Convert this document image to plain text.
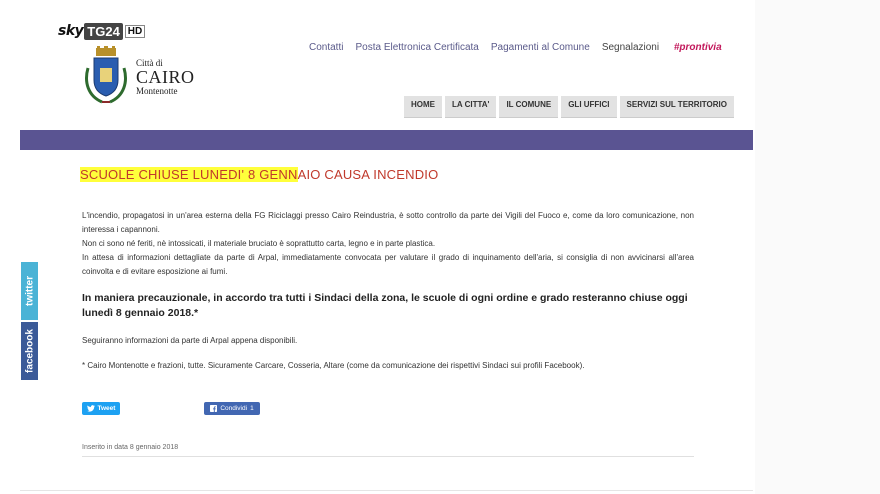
sky TG24 HD
Città di
CAIRO
Montenotte
Contatti Posta Elettronica Certificata Pagamenti al Comune Segnalazioni #prontivia
HOME	LA CITTA'	IL COMUNE	GLI UFFICI	SERVIZI SUL TERRITORIO
SCUOLE CHIUSE LUNEDI' 8 GENNAIO CAUSA INCENDIO
L'incendio, propagatosi in un'area esterna della FG Riciclaggi presso Cairo Reindustria, è sotto controllo da parte dei Vigili del Fuoco e, come da loro comunicazione, non interessa i capannoni.
Non ci sono né feriti, nè intossicati, il materiale bruciato è soprattutto carta, legno e in parte plastica.
In attesa di informazioni dettagliate da parte di Arpal, immediatamente convocata per valutare il grado di inquinamento dell'aria, si consiglia di non avvicinarsi all'area coinvolta e di evitare esposizione ai fumi.
In maniera precauzionale, in accordo tra tutti i Sindaci della zona, le scuole di ogni ordine e grado resteranno chiuse oggi lunedì 8 gennaio 2018.*
Seguiranno informazioni da parte di Arpal appena disponibili.
* Cairo Montenotte e frazioni, tutte. Sicuramente Carcare, Cosseria, Altare (come da comunicazione dei rispettivi Sindaci sui profili Facebook).
Tweet	Condividi 1
Inserito in data 8 gennaio 2018
twitter
facebook
